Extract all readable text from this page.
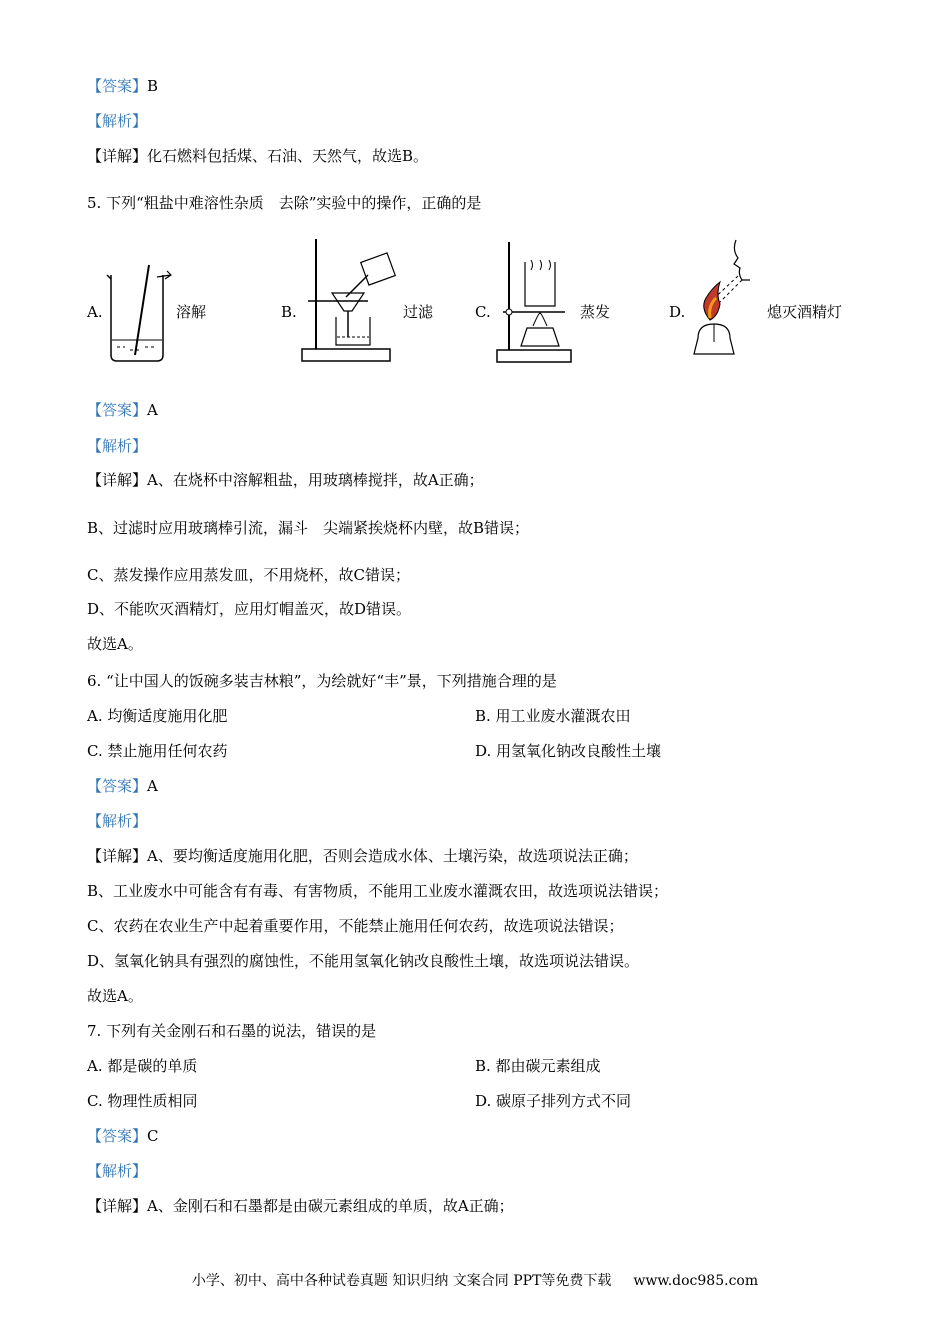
【答案】B
【解析】
【详解】化石燃料包括煤、石油、天然气，故选B。
5. 下列“粗盐中难溶性杂质　去除”实验中的操作，正确的是
A.	溶解	B.	过滤	C.	蒸发	D.	熄灭酒精灯
【答案】A
【解析】
【详解】A、在烧杯中溶解粗盐，用玻璃棒搅拌，故A正确；
B、过滤时应用玻璃棒引流，漏斗　尖端紧挨烧杯内壁，故B错误；
C、蒸发操作应用蒸发皿，不用烧杯，故C错误；
D、不能吹灭酒精灯，应用灯帽盖灭，故D错误。
故选A。
6. “让中国人的饭碗多装吉林粮”，为绘就好“丰”景，下列措施合理的是
A. 均衡适度施用化肥	B. 用工业废水灌溉农田
C. 禁止施用任何农药	D. 用氢氧化钠改良酸性土壤
【答案】A
【解析】
【详解】A、要均衡适度施用化肥，否则会造成水体、土壤污染，故选项说法正确；
B、工业废水中可能含有有毒、有害物质，不能用工业废水灌溉农田，故选项说法错误；
C、农药在农业生产中起着重要作用，不能禁止施用任何农药，故选项说法错误；
D、氢氧化钠具有强烈的腐蚀性，不能用氢氧化钠改良酸性土壤，故选项说法错误。
故选A。
7. 下列有关金刚石和石墨的说法，错误的是
A. 都是碳的单质	B. 都由碳元素组成
C. 物理性质相同	D. 碳原子排列方式不同
【答案】C
【解析】
【详解】A、金刚石和石墨都是由碳元素组成的单质，故A正确；
小学、初中、高中各种试卷真题 知识归纳 文案合同 PPT等免费下载 www.doc985.com
